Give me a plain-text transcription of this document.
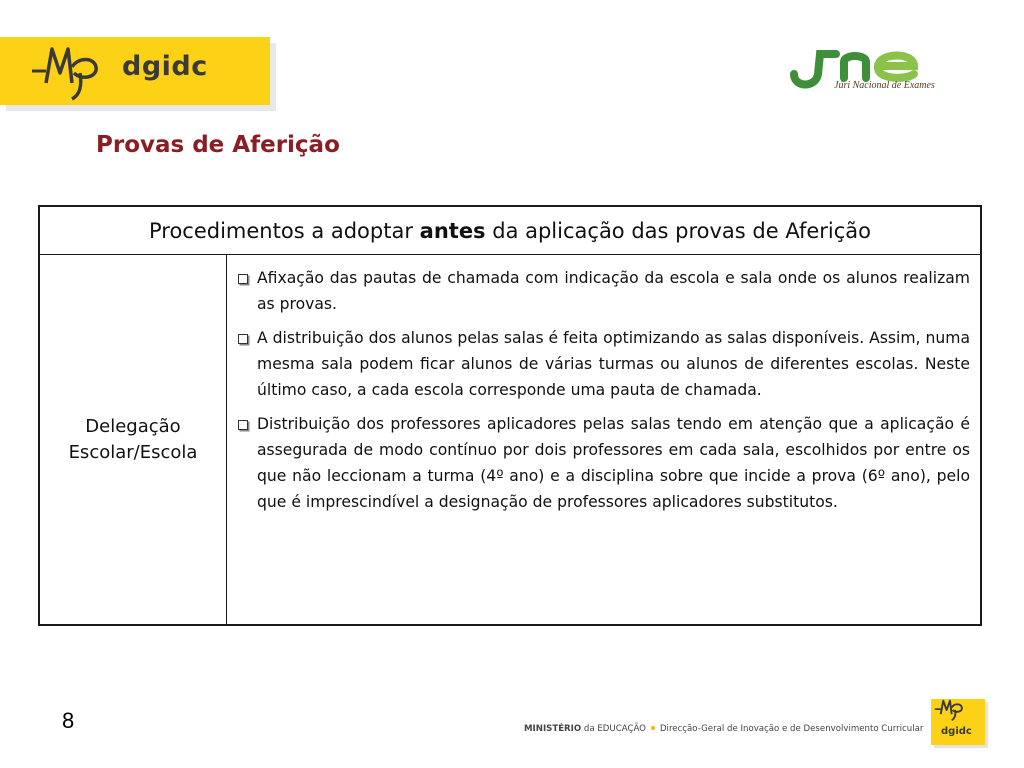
dgidc
Júri Nacional de Exames
Provas de Aferição
Procedimentos a adoptar antes da aplicação das provas de Aferição
Delegação
Escolar/Escola
Afixação das pautas de chamada com indicação da escola e sala onde os alunos realizam as provas.
A distribuição dos alunos pelas salas é feita optimizando as salas disponíveis. Assim, numa mesma sala podem ficar alunos de várias turmas ou alunos de diferentes escolas. Neste último caso, a cada escola corresponde uma pauta de chamada.
Distribuição dos professores aplicadores pelas salas tendo em atenção que a aplicação é assegurada de modo contínuo por dois professores em cada sala, escolhidos por entre os que não leccionam a turma (4º ano) e a disciplina sobre que incide a prova (6º ano), pelo que é imprescindível a designação de professores aplicadores substitutos.
8	MINISTÉRIO da EDUCAÇÃO Direcção-Geral de Inovação e de Desenvolvimento Curricular dgidc
